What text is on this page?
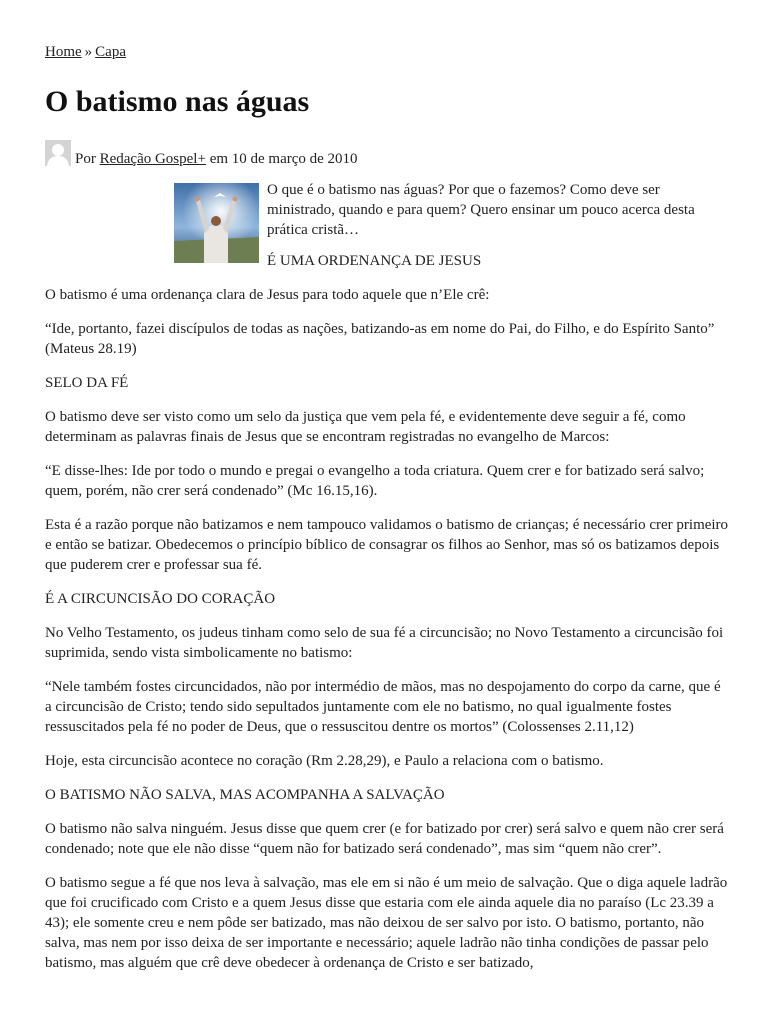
Home » Capa
O batismo nas águas
Por Redação Gospel+ em 10 de março de 2010

O que é o batismo nas águas? Por que o fazemos? Como deve ser ministrado, quando e para quem? Quero ensinar um pouco acerca desta prática cristã…

É UMA ORDENANÇA DE JESUS

O batismo é uma ordenança clara de Jesus para todo aquele que n’Ele crê:

“Ide, portanto, fazei discípulos de todas as nações, batizando-as em nome do Pai, do Filho, e do Espírito Santo” (Mateus 28.19)

SELO DA FÉ

O batismo deve ser visto como um selo da justiça que vem pela fé, e evidentemente deve seguir a fé, como determinam as palavras finais de Jesus que se encontram registradas no evangelho de Marcos:

“E disse-lhes: Ide por todo o mundo e pregai o evangelho a toda criatura. Quem crer e for batizado será salvo; quem, porém, não crer será condenado” (Mc 16.15,16).

Esta é a razão porque não batizamos e nem tampouco validamos o batismo de crianças; é necessário crer primeiro e então se batizar. Obedecemos o princípio bíblico de consagrar os filhos ao Senhor, mas só os batizamos depois que puderem crer e professar sua fé.

É A CIRCUNCISÃO DO CORAÇÃO

No Velho Testamento, os judeus tinham como selo de sua fé a circuncisão; no Novo Testamento a circuncisão foi suprimida, sendo vista simbolicamente no batismo:

“Nele também fostes circuncidados, não por intermédio de mãos, mas no despojamento do corpo da carne, que é a circuncisão de Cristo; tendo sido sepultados juntamente com ele no batismo, no qual igualmente fostes ressuscitados pela fé no poder de Deus, que o ressuscitou dentre os mortos” (Colossenses 2.11,12)

Hoje, esta circuncisão acontece no coração (Rm 2.28,29), e Paulo a relaciona com o batismo.

O BATISMO NÃO SALVA, MAS ACOMPANHA A SALVAÇÃO

O batismo não salva ninguém. Jesus disse que quem crer (e for batizado por crer) será salvo e quem não crer será condenado; note que ele não disse “quem não for batizado será condenado”, mas sim “quem não crer”.

O batismo segue a fé que nos leva à salvação, mas ele em si não é um meio de salvação. Que o diga aquele ladrão que foi crucificado com Cristo e a quem Jesus disse que estaria com ele ainda aquele dia no paraíso (Lc 23.39 a 43); ele somente creu e nem pôde ser batizado, mas não deixou de ser salvo por isto. O batismo, portanto, não salva, mas nem por isso deixa de ser importante e necessário; aquele ladrão não tinha condições de passar pelo batismo, mas alguém que crê deve obedecer à ordenança de Cristo e ser batizado,
